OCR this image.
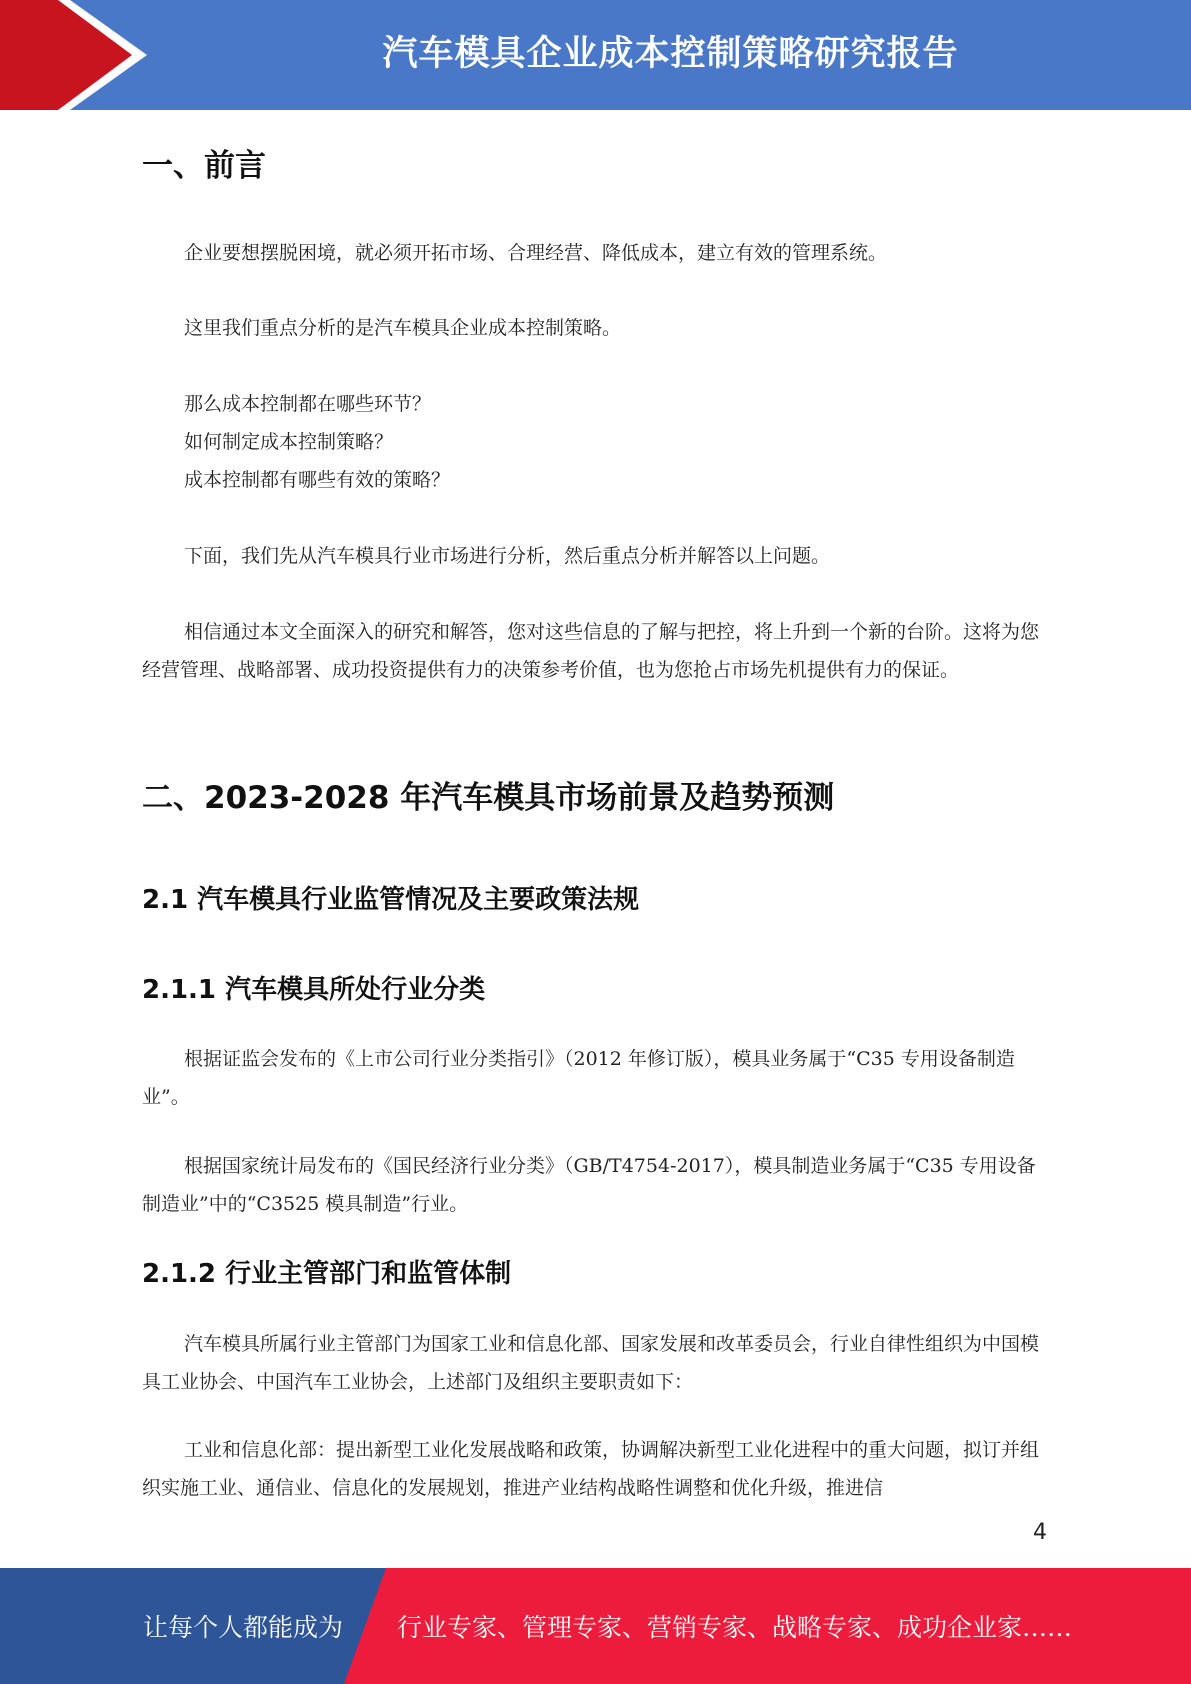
汽车模具企业成本控制策略研究报告
一、前言

企业要想摆脱困境，就必须开拓市场、合理经营、降低成本，建立有效的管理系统。

这里我们重点分析的是汽车模具企业成本控制策略。

那么成本控制都在哪些环节？

如何制定成本控制策略？

成本控制都有哪些有效的策略？

下面，我们先从汽车模具行业市场进行分析，然后重点分析并解答以上问题。

相信通过本文全面深入的研究和解答，您对这些信息的了解与把控，将上升到一个新的台阶。这将为您经营管理、战略部署、成功投资提供有力的决策参考价值，也为您抢占市场先机提供有力的保证。

二、2023-2028 年汽车模具市场前景及趋势预测
2.1 汽车模具行业监管情况及主要政策法规
2.1.1 汽车模具所处行业分类

根据证监会发布的《上市公司行业分类指引》（2012 年修订版），模具业务属于“C35 专用设备制造业”。

根据国家统计局发布的《国民经济行业分类》（GB/T4754-2017），模具制造业务属于“C35 专用设备制造业”中的“C3525 模具制造”行业。

2.1.2 行业主管部门和监管体制

汽车模具所属行业主管部门为国家工业和信息化部、国家发展和改革委员会，行业自律性组织为中国模具工业协会、中国汽车工业协会，上述部门及组织主要职责如下：

工业和信息化部：提出新型工业化发展战略和政策，协调解决新型工业化进程中的重大问题，拟订并组织实施工业、通信业、信息化的发展规划，推进产业结构战略性调整和优化升级，推进信

4
让每个人都能成为 行业专家、管理专家、营销专家、战略专家、成功企业家……
